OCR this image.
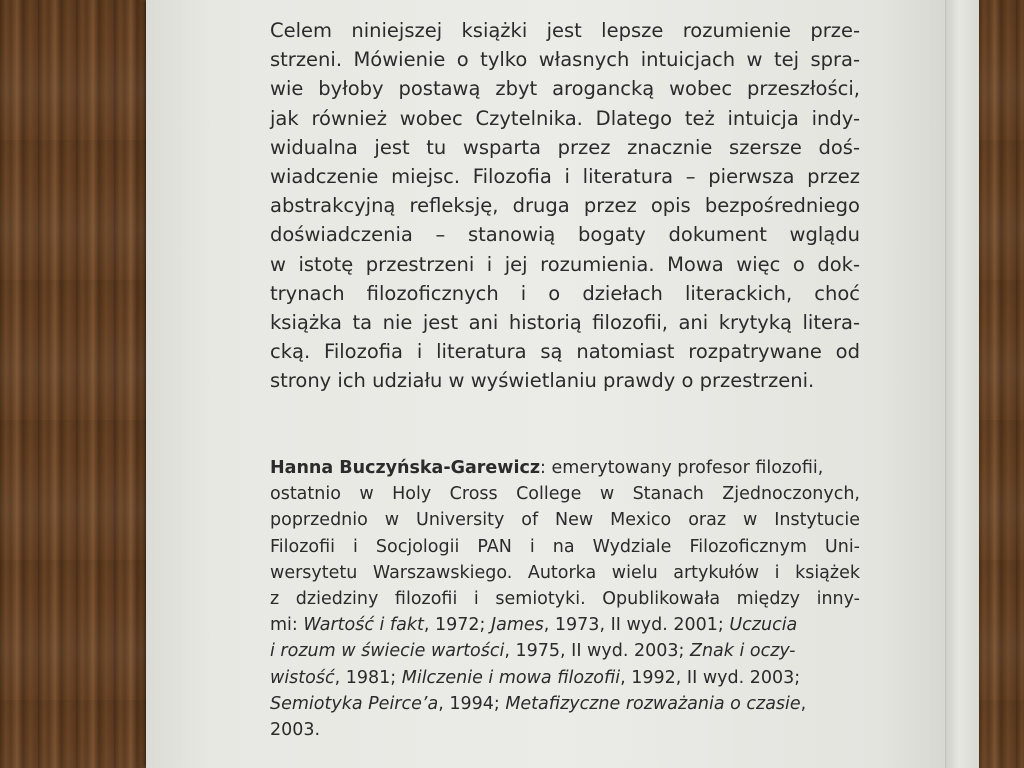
Celem niniejszej książki jest lepsze rozumienie prze-
strzeni. Mówienie o tylko własnych intuicjach w tej spra-
wie byłoby postawą zbyt arogancką wobec przeszłości,
jak również wobec Czytelnika. Dlatego też intuicja indy-
widualna jest tu wsparta przez znacznie szersze doś-
wiadczenie miejsc. Filozofia i literatura – pierwsza przez
abstrakcyjną refleksję, druga przez opis bezpośredniego
doświadczenia – stanowią bogaty dokument wglądu
w istotę przestrzeni i jej rozumienia. Mowa więc o dok-
trynach filozoficznych i o dziełach literackich, choć
książka ta nie jest ani historią filozofii, ani krytyką litera-
cką. Filozofia i literatura są natomiast rozpatrywane od
strony ich udziału w wyświetlaniu prawdy o przestrzeni.
Hanna Buczyńska-Garewicz: emerytowany profesor filozofii,
ostatnio w Holy Cross College w Stanach Zjednoczonych,
poprzednio w University of New Mexico oraz w Instytucie
Filozofii i Socjologii PAN i na Wydziale Filozoficznym Uni-
wersytetu Warszawskiego. Autorka wielu artykułów i książek
z dziedziny filozofii i semiotyki. Opublikowała między inny-
mi: Wartość i fakt, 1972; James, 1973, II wyd. 2001; Uczucia
i rozum w świecie wartości, 1975, II wyd. 2003; Znak i oczy-
wistość, 1981; Milczenie i mowa filozofii, 1992, II wyd. 2003;
Semiotyka Peirce’a, 1994; Metafizyczne rozważania o czasie,
2003.
